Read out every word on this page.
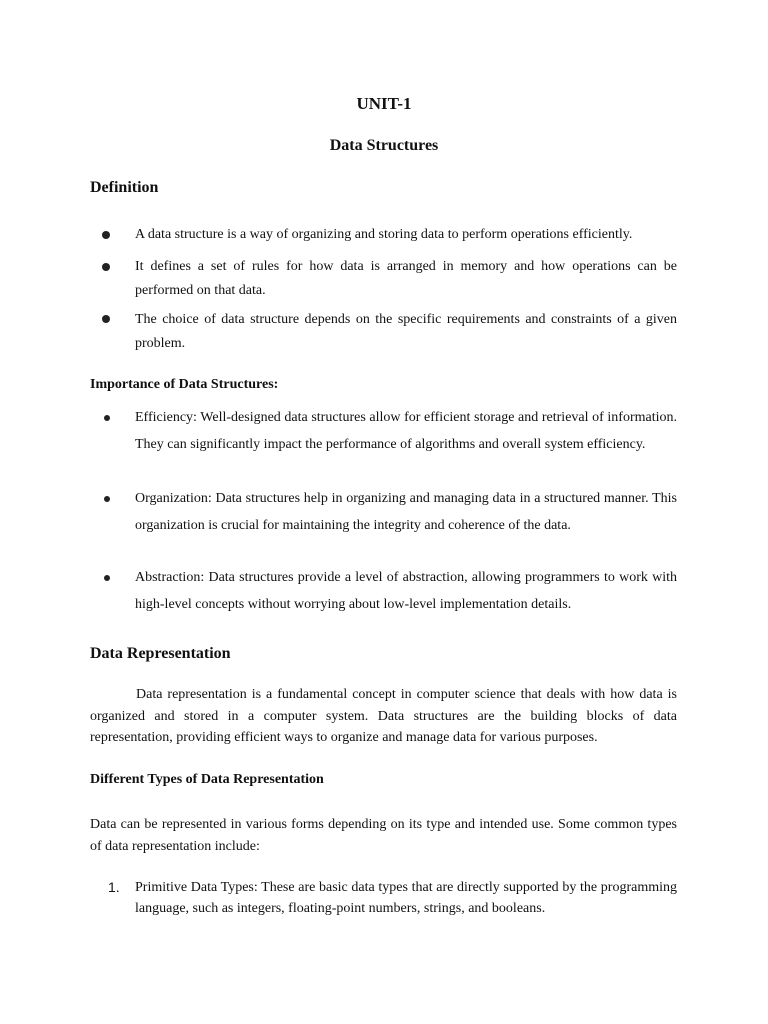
UNIT-1
Data Structures
Definition
A data structure is a way of organizing and storing data to perform operations efficiently.
It defines a set of rules for how data is arranged in memory and how operations can be performed on that data.
The choice of data structure depends on the specific requirements and constraints of a given problem.
Importance of Data Structures:
Efficiency: Well-designed data structures allow for efficient storage and retrieval of information. They can significantly impact the performance of algorithms and overall system efficiency.
Organization: Data structures help in organizing and managing data in a structured manner. This organization is crucial for maintaining the integrity and coherence of the data.
Abstraction: Data structures provide a level of abstraction, allowing programmers to work with high-level concepts without worrying about low-level implementation details.
Data Representation
Data representation is a fundamental concept in computer science that deals with how data is organized and stored in a computer system. Data structures are the building blocks of data representation, providing efficient ways to organize and manage data for various purposes.
Different Types of Data Representation
Data can be represented in various forms depending on its type and intended use. Some common types of data representation include:
1. Primitive Data Types: These are basic data types that are directly supported by the programming language, such as integers, floating-point numbers, strings, and booleans.
